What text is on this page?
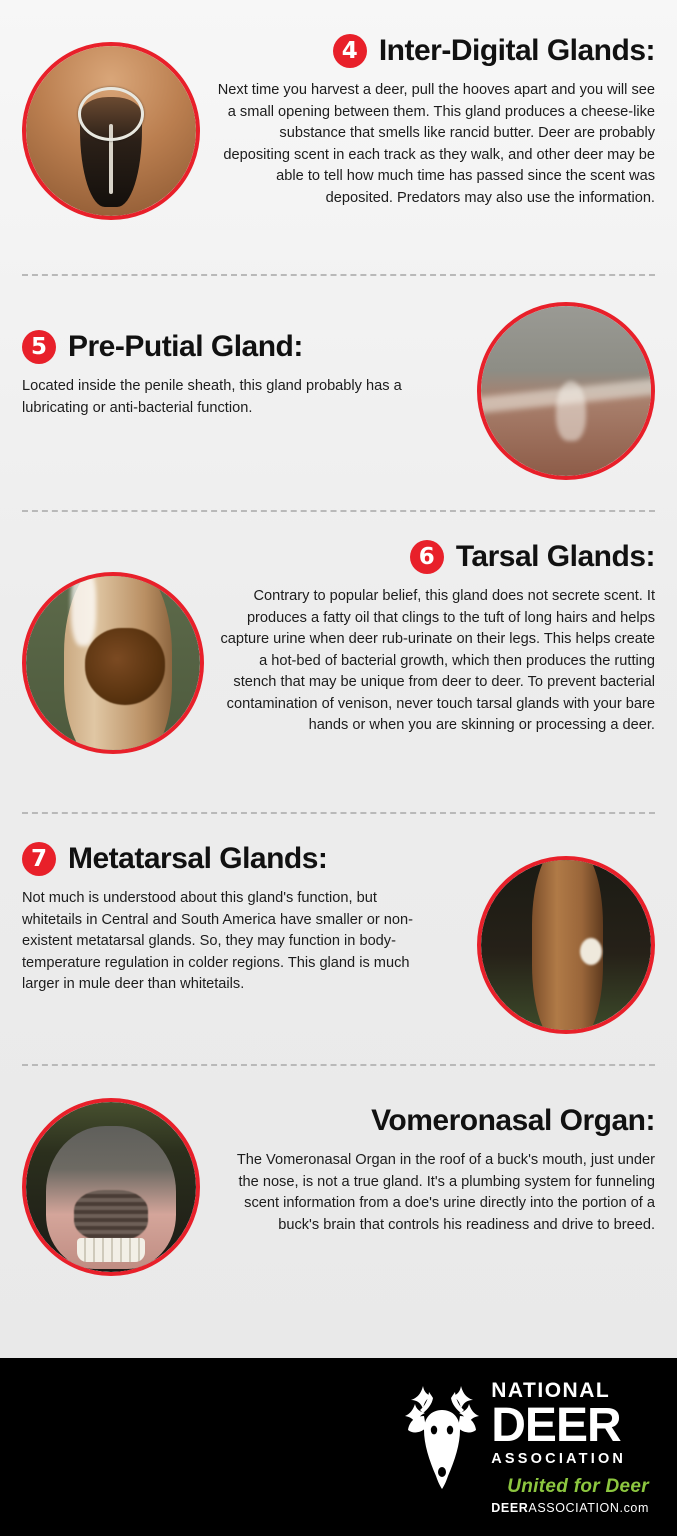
4 Inter-Digital Glands:
Next time you harvest a deer, pull the hooves apart and you will see a small opening between them. This gland produces a cheese-like substance that smells like rancid butter. Deer are probably depositing scent in each track as they walk, and other deer may be able to tell how much time has passed since the scent was deposited. Predators may also use the information.
5 Pre-Putial Gland:
Located inside the penile sheath, this gland probably has a lubricating or anti-bacterial function.
6 Tarsal Glands:
Contrary to popular belief, this gland does not secrete scent. It produces a fatty oil that clings to the tuft of long hairs and helps capture urine when deer rub-urinate on their legs. This helps create a hot-bed of bacterial growth, which then produces the rutting stench that may be unique from deer to deer. To prevent bacterial contamination of venison, never touch tarsal glands with your bare hands or when you are skinning or processing a deer.
7 Metatarsal Glands:
Not much is understood about this gland's function, but whitetails in Central and South America have smaller or non-existent metatarsal glands. So, they may function in body-temperature regulation in colder regions. This gland is much larger in mule deer than whitetails.
Vomeronasal Organ:
The Vomeronasal Organ in the roof of a buck's mouth, just under the nose, is not a true gland. It's a plumbing system for funneling scent information from a doe's urine directly into the portion of a buck's brain that controls his readiness and drive to breed.
NATIONAL
DEER
ASSOCIATION
United for Deer
DEERASSOCIATION.com
